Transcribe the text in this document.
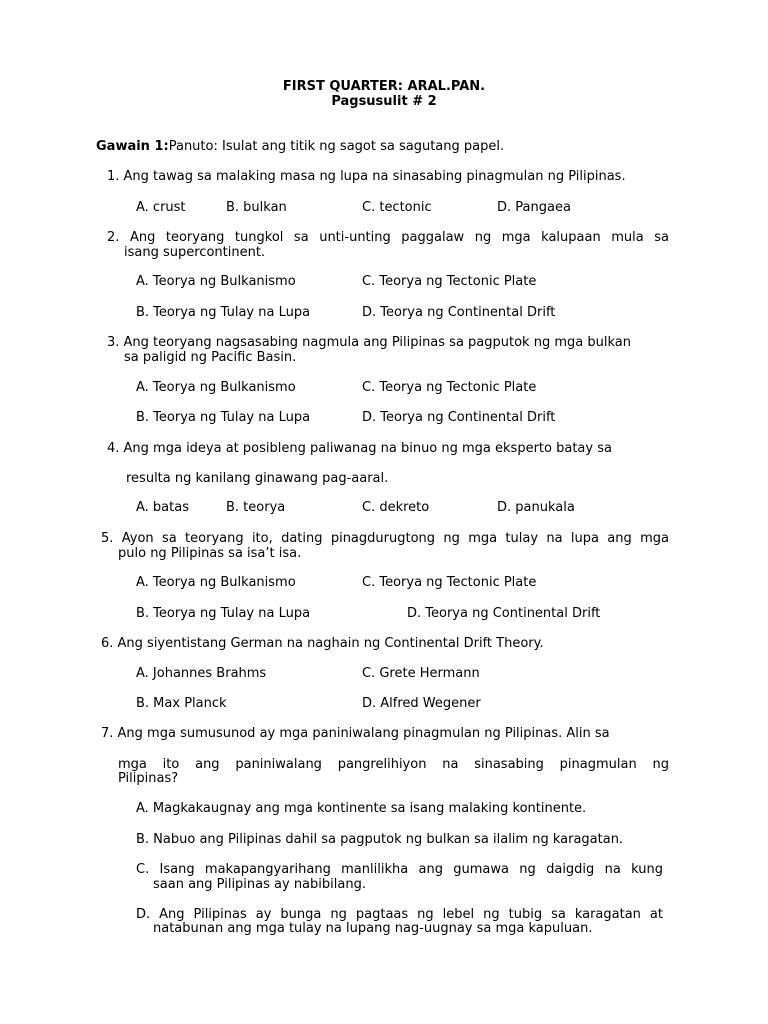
FIRST QUARTER: ARAL.PAN.
Pagsusulit # 2
Gawain 1:Panuto: Isulat ang titik ng sagot sa sagutang papel.
1. Ang tawag sa malaking masa ng lupa na sinasabing pinagmulan ng Pilipinas.
A. crust	B. bulkan	C. tectonic	D. Pangaea
2. Ang teoryang tungkol sa unti-unting paggalaw ng mga kalupaan mula sa
isang supercontinent.
A. Teorya ng Bulkanismo	C. Teorya ng Tectonic Plate
B. Teorya ng Tulay na Lupa	D. Teorya ng Continental Drift
3. Ang teoryang nagsasabing nagmula ang Pilipinas sa pagputok ng mga bulkan
sa paligid ng Pacific Basin.
A. Teorya ng Bulkanismo	C. Teorya ng Tectonic Plate
B. Teorya ng Tulay na Lupa	D. Teorya ng Continental Drift
4. Ang mga ideya at posibleng paliwanag na binuo ng mga eksperto batay sa
resulta ng kanilang ginawang pag-aaral.
A. batas	B. teorya	C. dekreto	D. panukala
5. Ayon sa teoryang ito, dating pinagdurugtong ng mga tulay na lupa ang mga
pulo ng Pilipinas sa isa’t isa.
A. Teorya ng Bulkanismo	C. Teorya ng Tectonic Plate
B. Teorya ng Tulay na Lupa	D. Teorya ng Continental Drift
6. Ang siyentistang German na naghain ng Continental Drift Theory.
A. Johannes Brahms	C. Grete Hermann
B. Max Planck	D. Alfred Wegener
7. Ang mga sumusunod ay mga paniniwalang pinagmulan ng Pilipinas. Alin sa
mga ito ang paniniwalang pangrelihiyon na sinasabing pinagmulan ng
Pilipinas?
A. Magkakaugnay ang mga kontinente sa isang malaking kontinente.
B. Nabuo ang Pilipinas dahil sa pagputok ng bulkan sa ilalim ng karagatan.
C. Isang makapangyarihang manlilikha ang gumawa ng daigdig na kung
saan ang Pilipinas ay nabibilang.
D. Ang Pilipinas ay bunga ng pagtaas ng lebel ng tubig sa karagatan at
natabunan ang mga tulay na lupang nag-uugnay sa mga kapuluan.
